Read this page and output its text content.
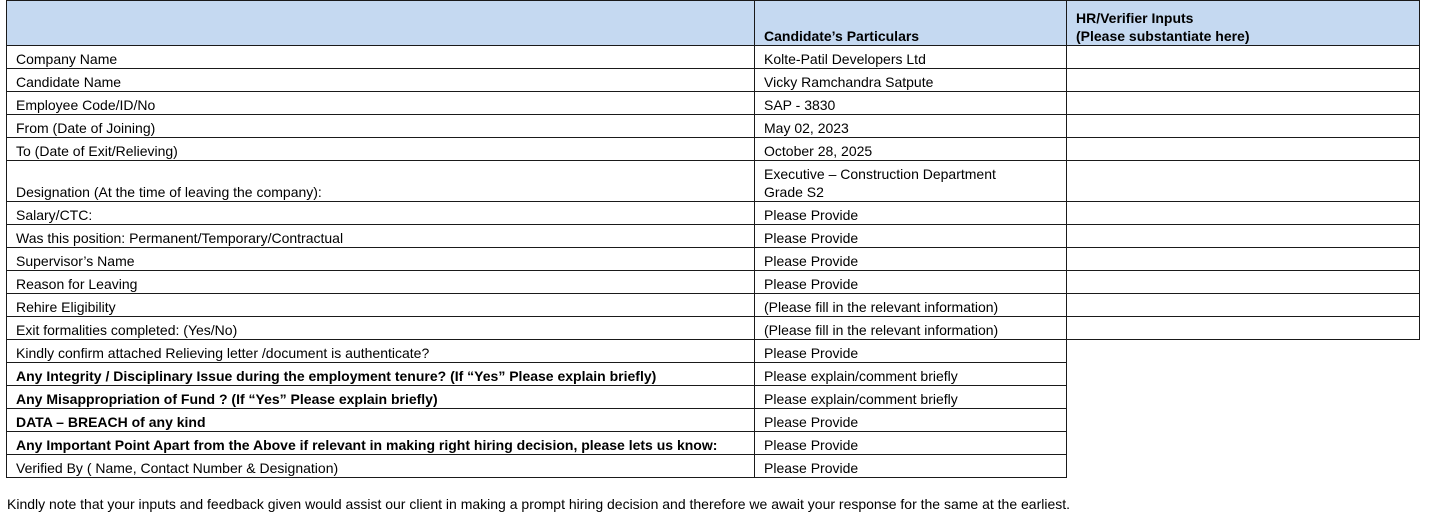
	Candidate’s Particulars	HR/Verifier Inputs
(Please substantiate here)

Company Name	Kolte-Patil Developers Ltd	
Candidate Name	Vicky Ramchandra Satpute	
Employee Code/ID/No	SAP - 3830	
From (Date of Joining)	May 02, 2023	
To (Date of Exit/Relieving)	October 28, 2025	
Designation (At the time of leaving the company):	Executive – Construction Department
Grade S2	

Salary/CTC:	Please Provide	
Was this position: Permanent/Temporary/Contractual	Please Provide	
Supervisor’s Name	Please Provide	
Reason for Leaving	Please Provide	
Rehire Eligibility	(Please fill in the relevant information)	
Exit formalities completed: (Yes/No)	(Please fill in the relevant information)	
Kindly confirm attached Relieving letter /document is authenticate?	Please Provide	
Any Integrity / Disciplinary Issue during the employment tenure? (If “Yes” Please explain briefly)	Please explain/comment briefly	
Any Misappropriation of Fund ? (If “Yes” Please explain briefly)	Please explain/comment briefly	
DATA – BREACH of any kind	Please Provide	
Any Important Point Apart from the Above if relevant in making right hiring decision, please lets us know:	Please Provide	
Verified By ( Name, Contact Number & Designation)	Please Provide	
Kindly note that your inputs and feedback given would assist our client in making a prompt hiring decision and therefore we await your response for the same at the earliest.
